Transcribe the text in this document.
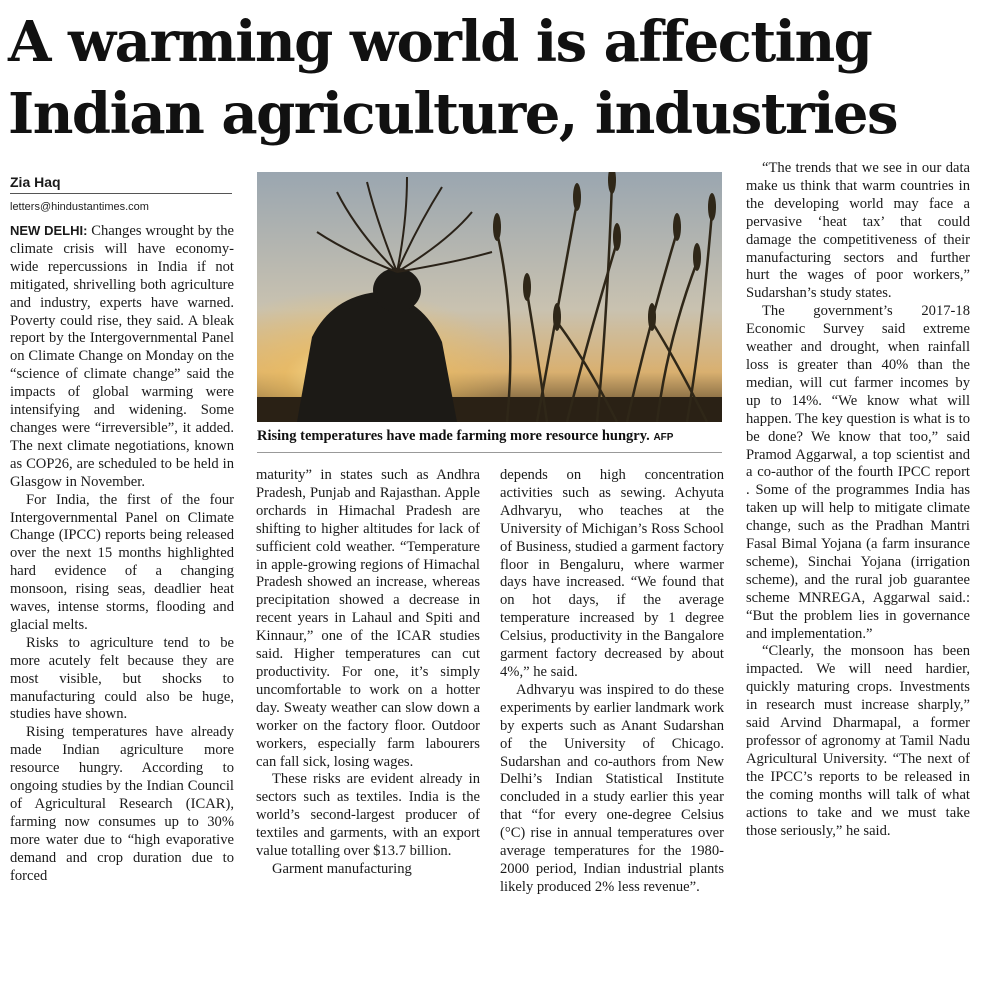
A warming world is affecting Indian agriculture, industries
Zia Haq
letters@hindustantimes.com
Rising temperatures have made farming more resource hungry. AFP

NEW DELHI: Changes wrought by the climate crisis will have economy-wide repercussions in India if not mitigated, shrivelling both agriculture and industry, experts have warned. Poverty could rise, they said. A bleak report by the Intergovernmental Panel on Climate Change on Monday on the “science of climate change” said the impacts of global warming were intensifying and widening. Some changes were “irreversible”, it added. The next climate negotiations, known as COP26, are scheduled to be held in Glasgow in November.

For India, the first of the four Intergovernmental Panel on Climate Change (IPCC) reports being released over the next 15 months highlighted hard evidence of a changing monsoon, rising seas, deadlier heat waves, intense storms, flooding and glacial melts.

Risks to agriculture tend to be more acutely felt because they are most visible, but shocks to manufacturing could also be huge, studies have shown.

Rising temperatures have already made Indian agriculture more resource hungry. According to ongoing studies by the Indian Council of Agricultural Research (ICAR), farming now consumes up to 30% more water due to “high evaporative demand and crop duration due to forced

maturity” in states such as Andhra Pradesh, Punjab and Rajasthan. Apple orchards in Himachal Pradesh are shifting to higher altitudes for lack of sufficient cold weather. “Temperature in apple-growing regions of Himachal Pradesh showed an increase, whereas precipitation showed a decrease in recent years in Lahaul and Spiti and Kinnaur,” one of the ICAR studies said. Higher temperatures can cut productivity. For one, it’s simply uncomfortable to work on a hotter day. Sweaty weather can slow down a worker on the factory floor. Outdoor workers, especially farm labourers can fall sick, losing wages.

These risks are evident already in sectors such as textiles. India is the world’s second-largest producer of textiles and garments, with an export value totalling over $13.7 billion.

Garment manufacturing

depends on high concentration activities such as sewing. Achyuta Adhvaryu, who teaches at the University of Michigan’s Ross School of Business, studied a garment factory floor in Bengaluru, where warmer days have increased. “We found that on hot days, if the average temperature increased by 1 degree Celsius, productivity in the Bangalore garment factory decreased by about 4%,” he said.

Adhvaryu was inspired to do these experiments by earlier landmark work by experts such as Anant Sudarshan of the University of Chicago. Sudarshan and co-authors from New Delhi’s Indian Statistical Institute concluded in a study earlier this year that “for every one-degree Celsius (°C) rise in annual temperatures over average temperatures for the 1980-2000 period, Indian industrial plants likely produced 2% less revenue”.

“The trends that we see in our data make us think that warm countries in the developing world may face a pervasive ‘heat tax’ that could damage the competitiveness of their manufacturing sectors and further hurt the wages of poor workers,” Sudarshan’s study states.

The government’s 2017-18 Economic Survey said extreme weather and drought, when rainfall loss is greater than 40% than the median, will cut farmer incomes by up to 14%. “We know what will happen. The key question is what is to be done? We know that too,” said Pramod Aggarwal, a top scientist and a co-author of the fourth IPCC report . Some of the programmes India has taken up will help to mitigate climate change, such as the Pradhan Mantri Fasal Bimal Yojana (a farm insurance scheme), Sinchai Yojana (irrigation scheme), and the rural job guarantee scheme MNREGA, Aggarwal said.: “But the problem lies in governance and implementation.”

“Clearly, the monsoon has been impacted. We will need hardier, quickly maturing crops. Investments in research must increase sharply,” said Arvind Dharmapal, a former professor of agronomy at Tamil Nadu Agricultural University. “The next of the IPCC’s reports to be released in the coming months will talk of what actions to take and we must take those seriously,” he said.
